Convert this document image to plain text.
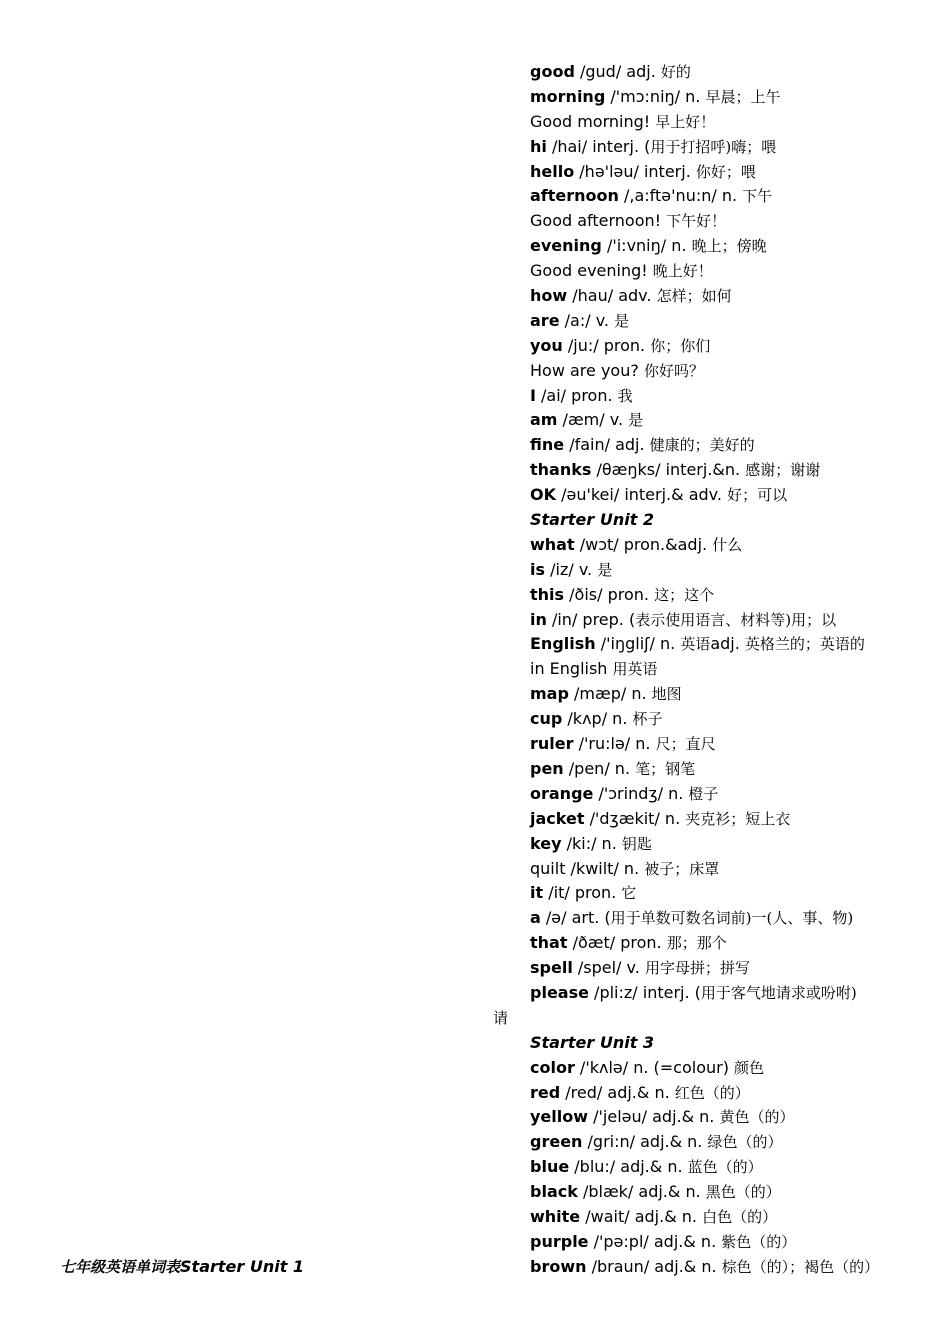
good /gud/ adj. 好的
morning /'mɔ:niŋ/ n. 早晨；上午
Good morning! 早上好！
hi /hai/ interj. (用于打招呼)嗨；喂
hello /hə'ləu/ interj. 你好；喂
afternoon /,a:ftə'nu:n/ n. 下午
Good afternoon! 下午好！
evening /'i:vniŋ/ n. 晚上；傍晚
Good evening! 晚上好！
how /hau/ adv. 怎样；如何
are /a:/ v. 是
you /ju:/ pron. 你；你们
How are you? 你好吗？
I /ai/ pron. 我
am /æm/ v. 是
fine /fain/ adj. 健康的；美好的
thanks /θæŋks/ interj.&n. 感谢；谢谢
OK /əu'kei/ interj.& adv. 好；可以
Starter Unit 2
what /wɔt/ pron.&adj. 什么
is /iz/ v. 是
this /ðis/ pron. 这；这个
in /in/ prep. (表示使用语言、材料等)用；以
English /'iŋgliʃ/ n. 英语adj. 英格兰的；英语的
in English 用英语
map /mæp/ n. 地图
cup /kʌp/ n. 杯子
ruler /'ru:lə/ n. 尺；直尺
pen /pen/ n. 笔；钢笔
orange /'ɔrindʒ/ n. 橙子
jacket /'dʒækit/ n. 夹克衫；短上衣
key /ki:/ n. 钥匙
quilt /kwilt/ n. 被子；床罩
it /it/ pron. 它
a /ə/ art. (用于单数可数名词前)一(人、事、物)
that /ðæt/ pron. 那；那个
spell /spel/ v. 用字母拼；拼写
please /pli:z/ interj. (用于客气地请求或吩咐)
Starter Unit 3
color /'kʌlə/ n. (=colour) 颜色
red /red/ adj.& n. 红色（的）
yellow /'jeləu/ adj.& n. 黄色（的）
green /gri:n/ adj.& n. 绿色（的）
blue /blu:/ adj.& n. 蓝色（的）
black /blæk/ adj.& n. 黑色（的）
white /wait/ adj.& n. 白色（的）
purple /'pə:pl/ adj.& n. 紫色（的）
brown /braun/ adj.& n. 棕色（的）；褐色（的）
请
七年级英语单词表Starter Unit 1
